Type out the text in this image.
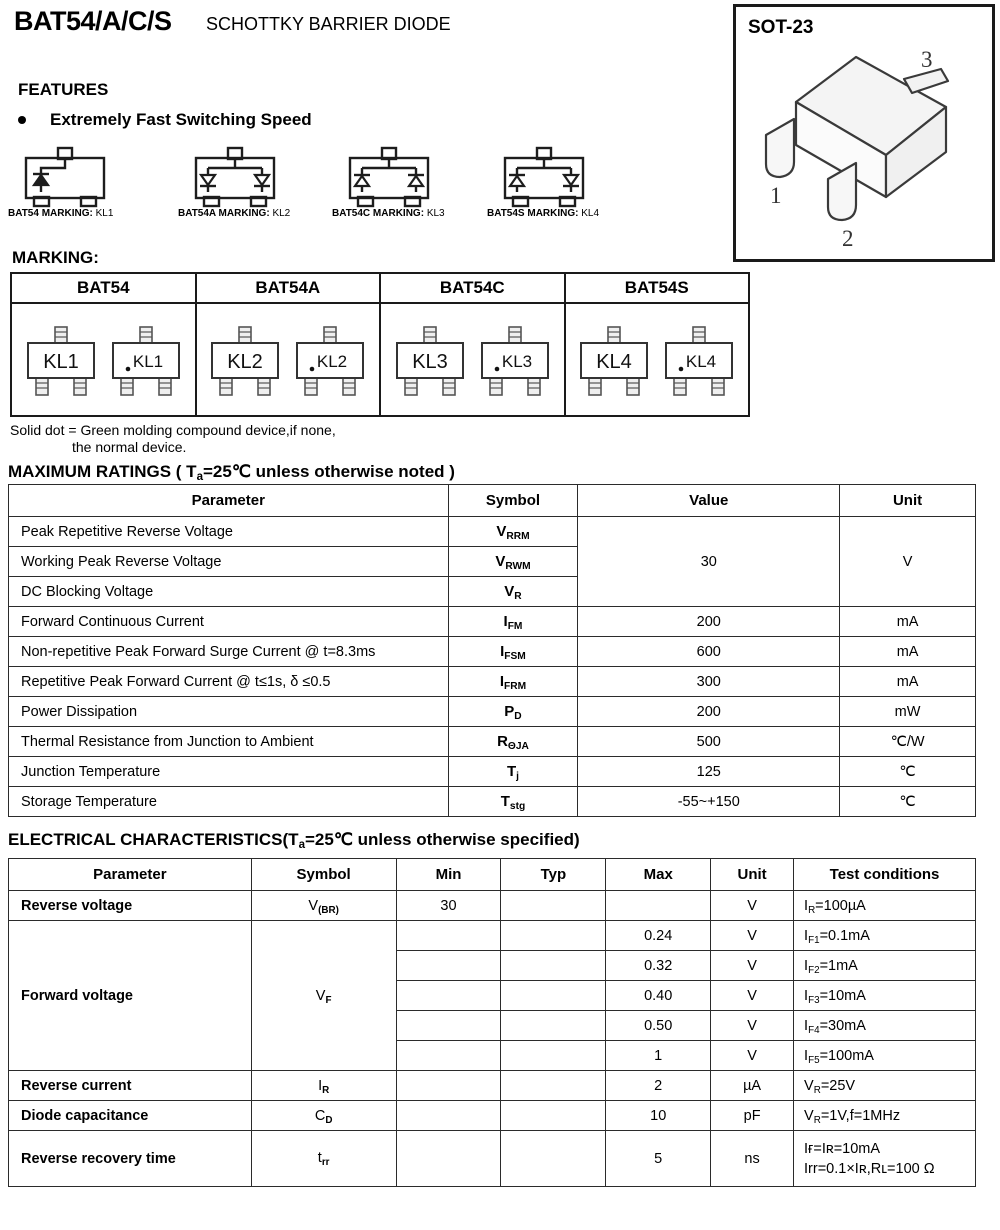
BAT54/A/C/S SCHOTTKY BARRIER DIODE
FEATURES
Extremely Fast Switching Speed
SOT-23
3
1
2
BAT54 MARKING: KL1	BAT54A MARKING: KL2	BAT54C MARKING: KL3	BAT54S MARKING: KL4
MARKING:
BAT54
KL1	KL1
BAT54A
KL2	KL2
BAT54C
KL3	KL3
BAT54S
KL4	KL4
Solid dot = Green molding compound device,if none,
the normal device.
MAXIMUM RATINGS ( $T_a=25℃$ unless otherwise noted )
Parameter	Symbol	Value	Unit
Peak Repetitive Reverse Voltage	$V_{RRM}$	30	V
Working Peak Reverse Voltage	$V_{RWM}$
DC Blocking Voltage	$V_R$
Forward Continuous Current	$I_{FM}$	200	mA
Non-repetitive Peak Forward Surge Current @ t=8.3ms	$I_{FSM}$	600	mA
Repetitive Peak Forward Current @ t≤1s, δ ≤0.5	$I_{FRM}$	300	mA
Power Dissipation	$P_D$	200	mW
Thermal Resistance from Junction to Ambient	$R_{\Theta JA}$	500	℃/W
Junction Temperature	$T_j$	125	℃
Storage Temperature	$T_{stg}$	-55~+150	℃
ELECTRICAL $CHARACTERISTICS(T_a=25℃$ unless otherwise specified)
Parameter	Symbol	Min	Typ	Max	Unit	Test conditions
Reverse voltage	$V_{(BR)}$	30			V	$I_R=100\mu A$
Forward voltage	$V_F$			0.24	V	$I_{F1}=0.1mA$
				0.32	V	$I_{F2}=1mA$
				0.40	V	$I_{F3}=10mA$
				0.50	V	$I_{F4}=30mA$
				1	V	$I_{F5}=100mA$
Reverse current	$I_R$			2	µA	$V_R=25V$
Diode capacitance	$C_D$			10	pF	$V_R=1V,f=1MHz$
Reverse recovery time	$t_{rr}$			5	ns	Iғ=Iʀ=10mA
Irr=0.1×Iʀ,Rʟ=100 Ω
